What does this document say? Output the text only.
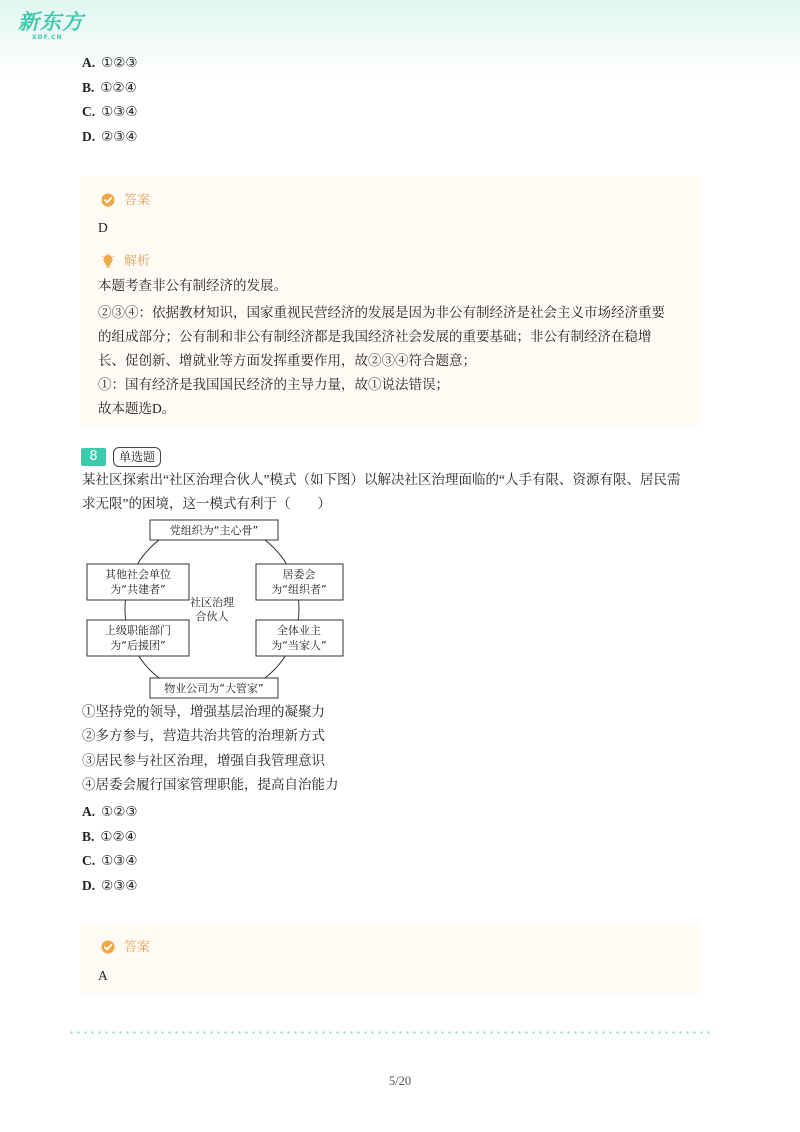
新东方
XDF.CN
A. ①②③
B. ①②④
C. ①③④
D. ②③④
答案
D
解析
本题考查非公有制经济的发展。
②③④：依据教材知识，国家重视民营经济的发展是因为非公有制经济是社会主义市场经济重要的组成部分；公有制和非公有制经济都是我国经济社会发展的重要基础；非公有制经济在稳增长、促创新、增就业等方面发挥重要作用，故②③④符合题意；
①：国有经济是我国国民经济的主导力量，故①说法错误；
故本题选D。
8	单选题
某社区探索出“社区治理合伙人”模式（如下图）以解决社区治理面临的“人手有限、资源有限、居民需求无限”的困境，这一模式有利于（　　）
党组织为“主心骨”
其他社会单位
为“共建者”
居委会
为“组织者”
社区治理
合伙人
上级职能部门
为“后援团”
全体业主
为“当家人”
物业公司为“大管家”
①坚持党的领导，增强基层治理的凝聚力
②多方参与，营造共治共管的治理新方式
③居民参与社区治理，增强自我管理意识
④居委会履行国家管理职能，提高自治能力
A. ①②③
B. ①②④
C. ①③④
D. ②③④
答案
A
5/20
